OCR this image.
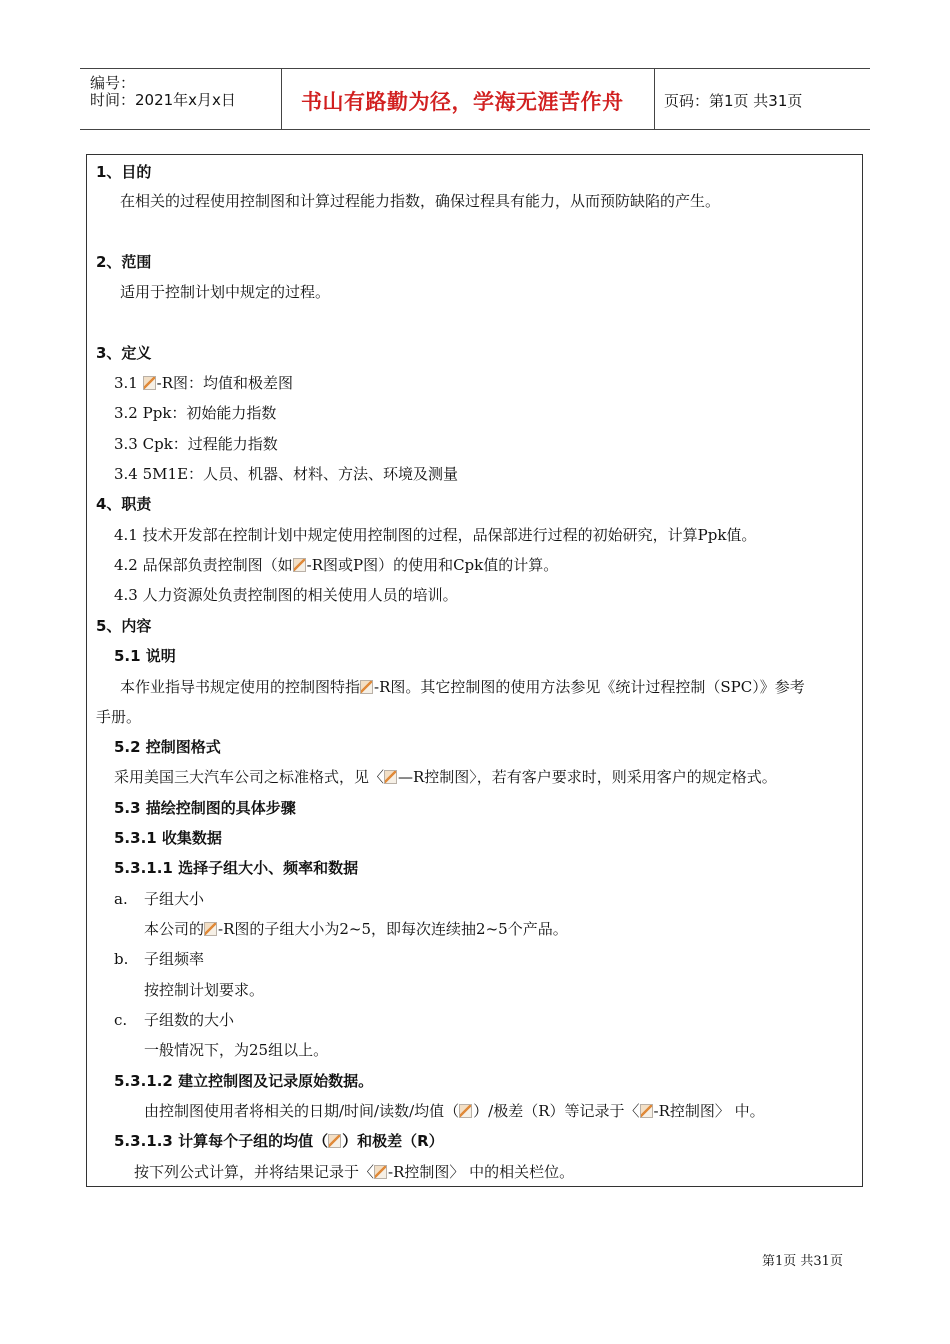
编号：
时间：2021年x月x日	书山有路勤为径，学海无涯苦作舟	页码：第1页 共31页
1、目的
在相关的过程使用控制图和计算过程能力指数，确保过程具有能力，从而预防缺陷的产生。
2、范围
适用于控制计划中规定的过程。
3、定义
3.1 -R图：均值和极差图
3.2 Ppk：初始能力指数
3.3 Cpk：过程能力指数
3.4 5M1E：人员、机器、材料、方法、环境及测量
4、职责
4.1 技术开发部在控制计划中规定使用控制图的过程，品保部进行过程的初始研究，计算Ppk值。
4.2 品保部负责控制图（如 -R图或P图）的使用和Cpk值的计算。
4.3 人力资源处负责控制图的相关使用人员的培训。
5、内容
5.1 说明
本作业指导书规定使用的控制图特指 -R图。其它控制图的使用方法参见《统计过程控制（SPC）》参考
手册。
5.2 控制图格式
采用美国三大汽车公司之标准格式，见〈 —R控制图〉，若有客户要求时，则采用客户的规定格式。
5.3 描绘控制图的具体步骤
5.3.1 收集数据
5.3.1.1 选择子组大小、频率和数据
a. 子组大小
本公司的 -R图的子组大小为2~5，即每次连续抽2~5个产品。
b. 子组频率
按控制计划要求。
c. 子组数的大小
一般情况下，为25组以上。
5.3.1.2 建立控制图及记录原始数据。
由控制图使用者将相关的日期/时间/读数/均值（ ）/极差（R）等记录于〈 -R控制图〉 中。
5.3.1.3 计算每个子组的均值（ ）和极差（R）
按下列公式计算，并将结果记录于〈 -R控制图〉 中的相关栏位。
第1页 共31页
